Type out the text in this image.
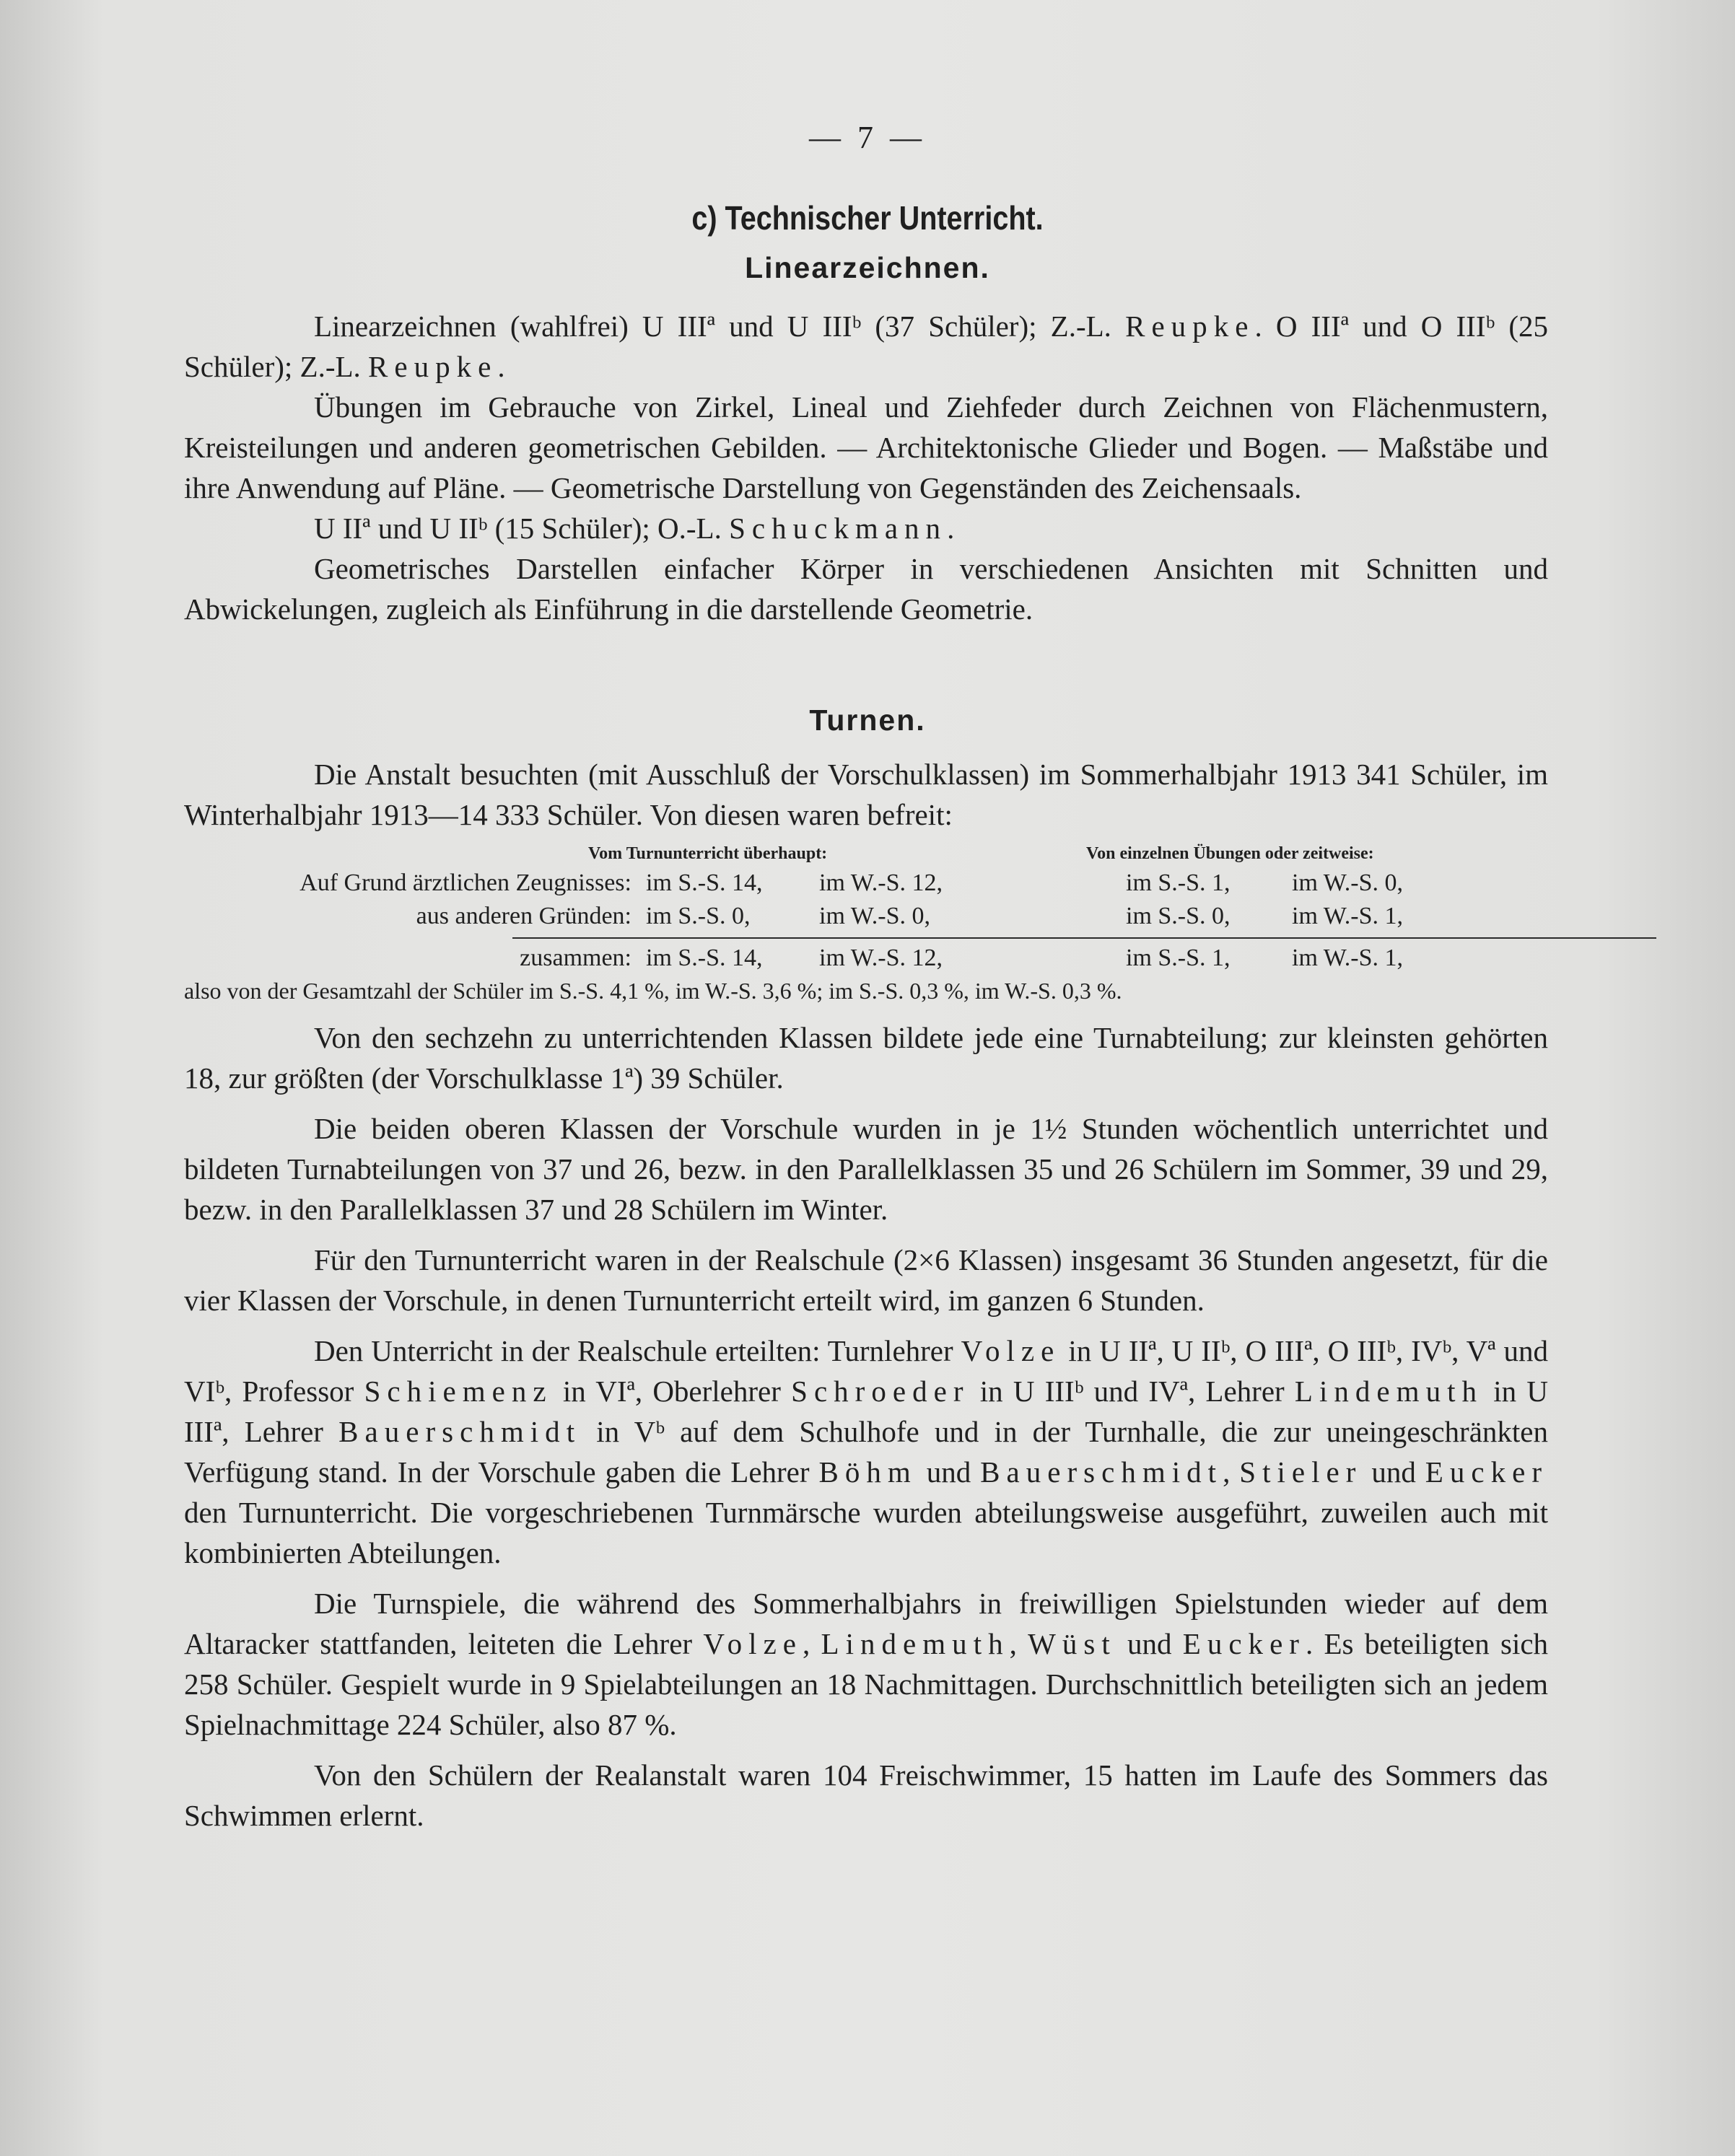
— 7 —
c) Technischer Unterricht.
Linearzeichnen.

Linearzeichnen (wahlfrei) U IIIª und U IIIᵇ (37 Schüler); Z.-L. Reupke. O IIIª und O IIIᵇ (25 Schüler); Z.-L. Reupke.

Übungen im Gebrauche von Zirkel, Lineal und Ziehfeder durch Zeichnen von Flächenmustern, Kreisteilungen und anderen geometrischen Gebilden. — Architektonische Glieder und Bogen. — Maßstäbe und ihre Anwendung auf Pläne. — Geometrische Darstellung von Gegenständen des Zeichensaals.

U IIª und U IIᵇ (15 Schüler); O.-L. Schuckmann.

Geometrisches Darstellen einfacher Körper in verschiedenen Ansichten mit Schnitten und Abwickelungen, zugleich als Einführung in die darstellende Geometrie.

Turnen.

Die Anstalt besuchten (mit Ausschluß der Vorschulklassen) im Sommerhalbjahr 1913 341 Schüler, im Winterhalbjahr 1913—14 333 Schüler. Von diesen waren befreit:

Vom Turnunterricht überhaupt:	Von einzelnen Übungen oder zeitweise:
Auf Grund ärztlichen Zeugnisses: im S.-S. 14, im W.-S. 12,	im S.-S. 1,	im W.-S. 0,
aus anderen Gründen: im S.-S. 0,	im W.-S. 0,	im S.-S. 0,	im W.-S. 1,
zusammen: im S.-S. 14, im W.-S. 12,	im S.-S. 1,	im W.-S. 1,
also von der Gesamtzahl der Schüler im S.-S. 4,1 %, im W.-S. 3,6 %; im S.-S. 0,3 %, im W.-S. 0,3 %.

Von den sechzehn zu unterrichtenden Klassen bildete jede eine Turnabteilung; zur kleinsten gehörten 18, zur größten (der Vorschulklasse 1ª) 39 Schüler.

Die beiden oberen Klassen der Vorschule wurden in je 1½ Stunden wöchentlich unterrichtet und bildeten Turnabteilungen von 37 und 26, bezw. in den Parallelklassen 35 und 26 Schülern im Sommer, 39 und 29, bezw. in den Parallelklassen 37 und 28 Schülern im Winter.

Für den Turnunterricht waren in der Realschule (2×6 Klassen) insgesamt 36 Stunden angesetzt, für die vier Klassen der Vorschule, in denen Turnunterricht erteilt wird, im ganzen 6 Stunden.

Den Unterricht in der Realschule erteilten: Turnlehrer Volze in U IIª, U IIᵇ, O IIIª, O IIIᵇ, IVᵇ, Vª und VIᵇ, Professor Schiemenz in VIª, Oberlehrer Schroeder in U IIIᵇ und IVª, Lehrer Lindemuth in U IIIª, Lehrer Bauerschmidt in Vᵇ auf dem Schulhofe und in der Turnhalle, die zur uneingeschränkten Verfügung stand. In der Vorschule gaben die Lehrer Böhm und Bauerschmidt, Stieler und Eucker den Turnunterricht. Die vorgeschriebenen Turnmärsche wurden abteilungsweise ausgeführt, zuweilen auch mit kombinierten Abteilungen.

Die Turnspiele, die während des Sommerhalbjahrs in freiwilligen Spielstunden wieder auf dem Altaracker stattfanden, leiteten die Lehrer Volze, Lindemuth, Wüst und Eucker. Es beteiligten sich 258 Schüler. Gespielt wurde in 9 Spielabteilungen an 18 Nachmittagen. Durchschnittlich beteiligten sich an jedem Spielnachmittage 224 Schüler, also 87 %.

Von den Schülern der Realanstalt waren 104 Freischwimmer, 15 hatten im Laufe des Sommers das Schwimmen erlernt.
